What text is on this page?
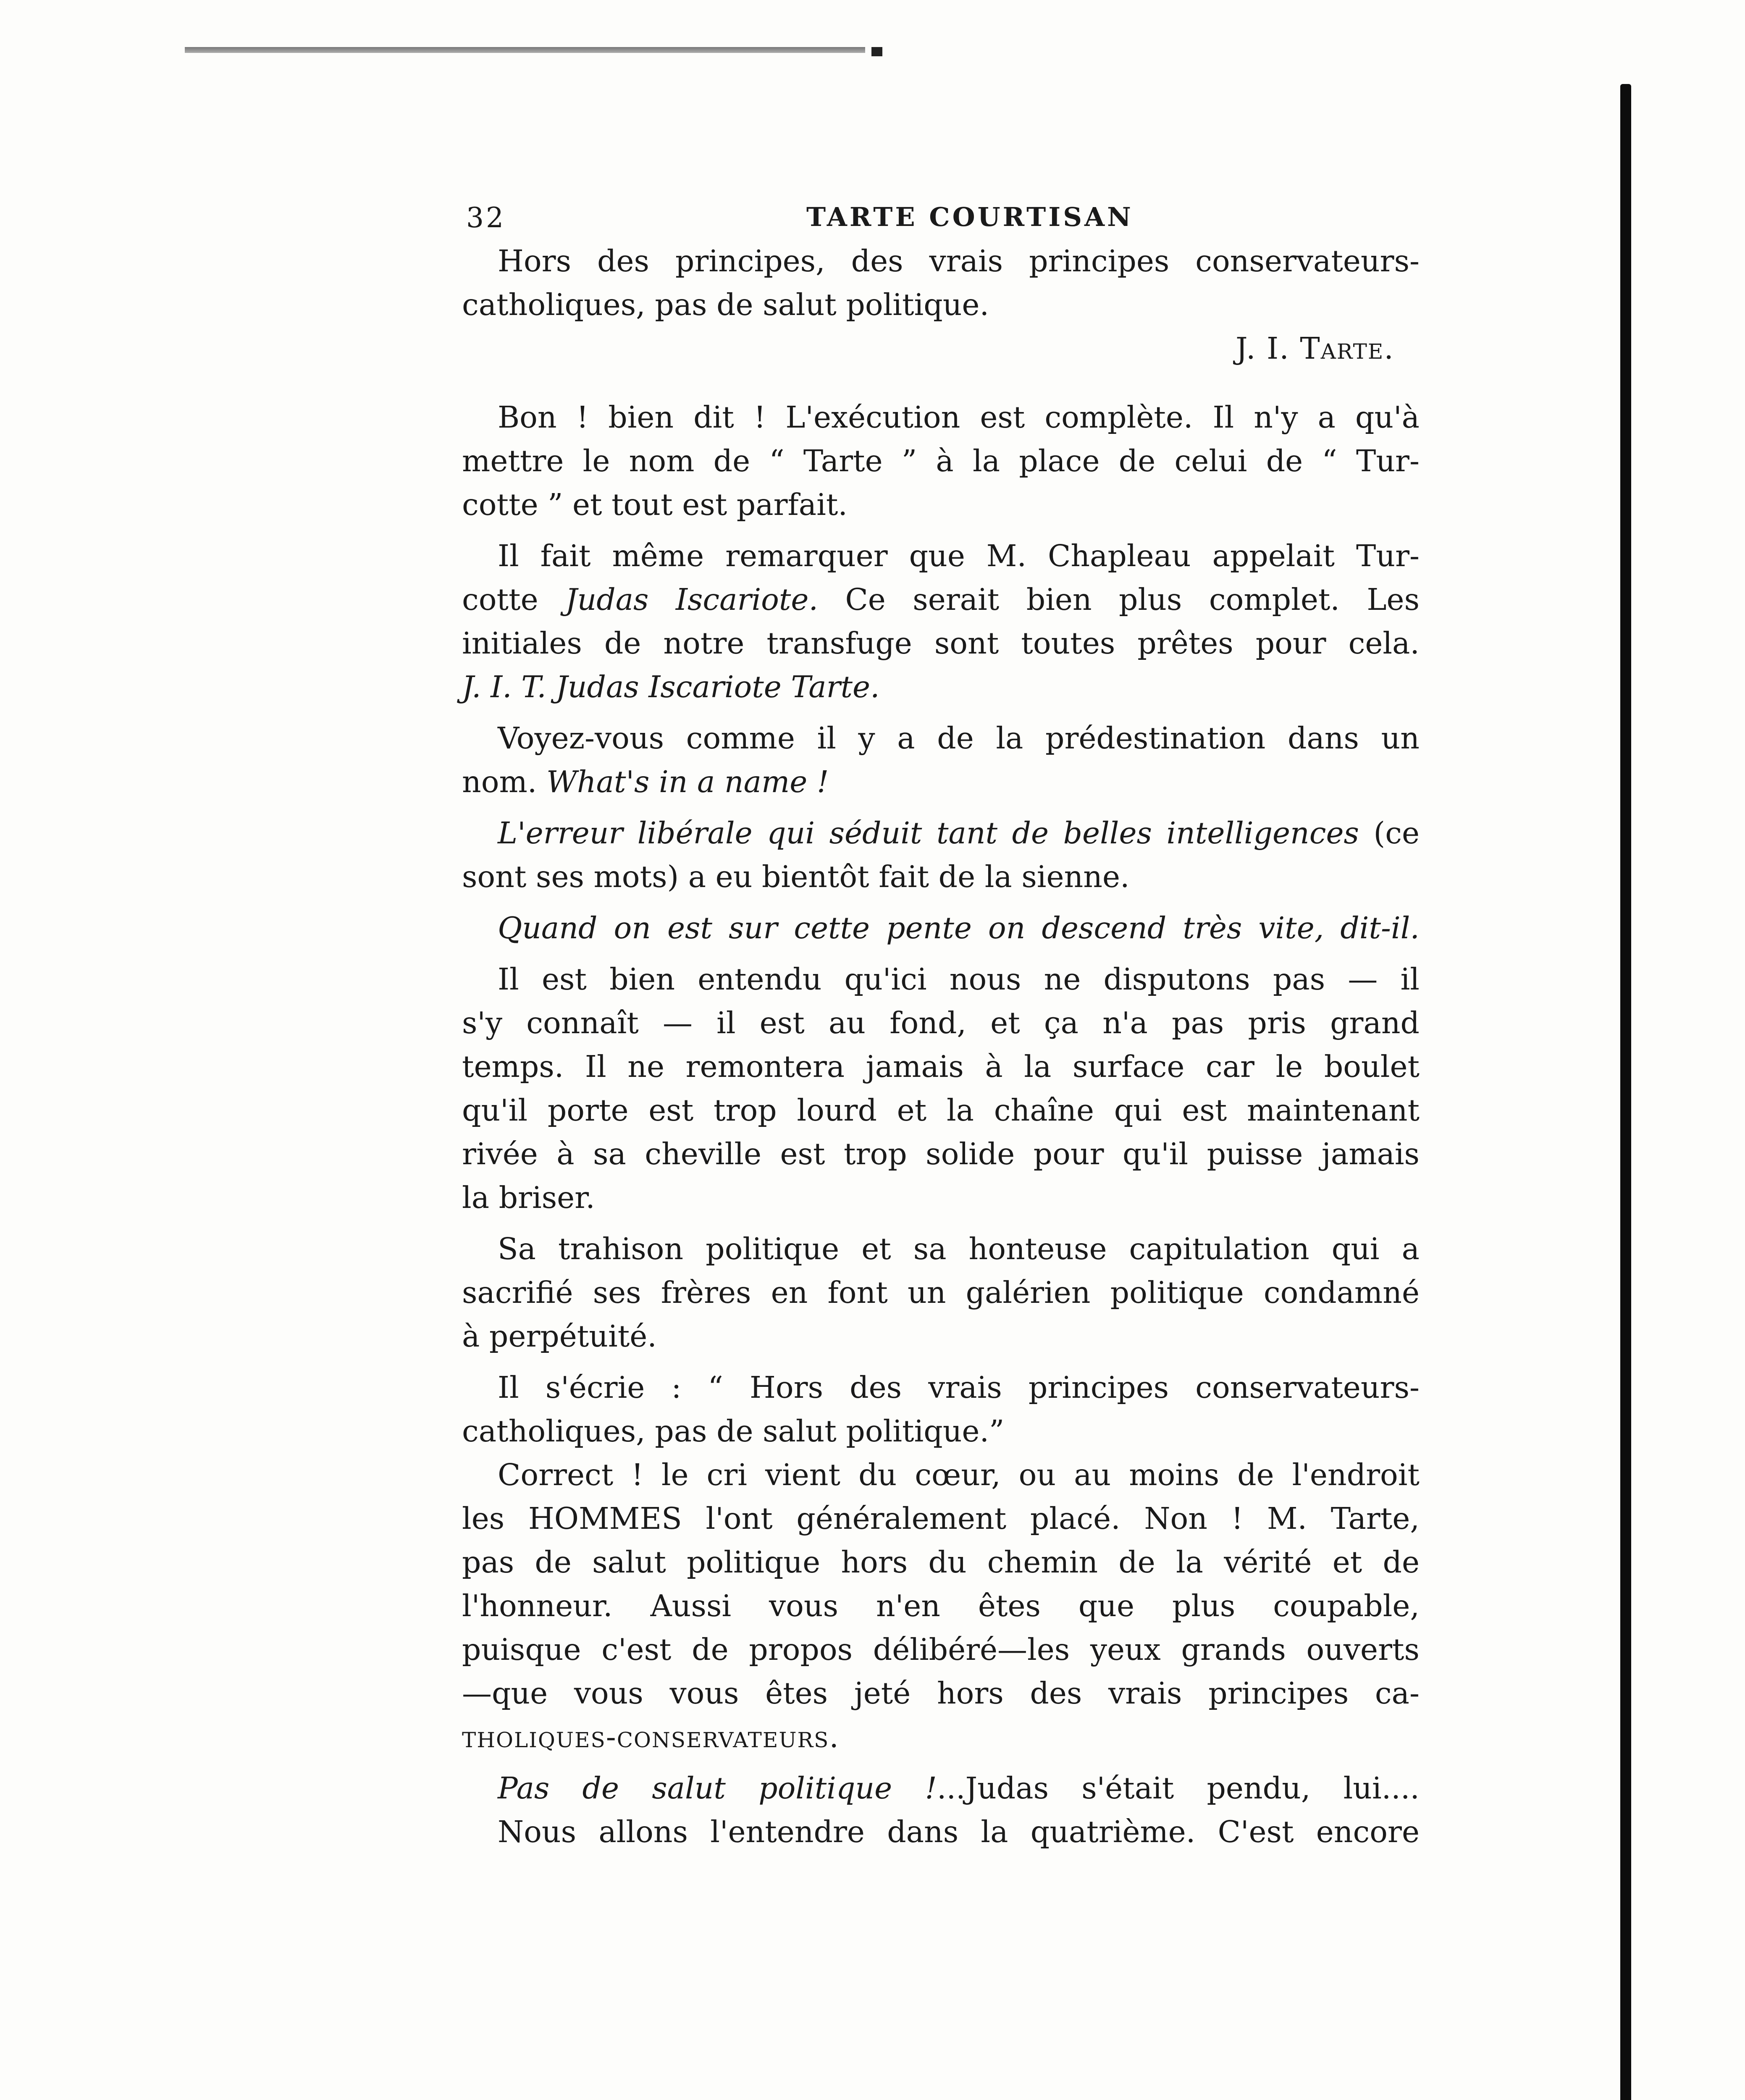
32	TARTE COURTISAN
Hors des principes, des vrais principes conservateurs-
catholiques, pas de salut politique.
J. I. Tarte.
Bon ! bien dit ! L'exécution est complète. Il n'y a qu'à
mettre le nom de “ Tarte ” à la place de celui de “ Tur-
cotte ” et tout est parfait.
Il fait même remarquer que M. Chapleau appelait Tur-
cotte Judas Iscariote. Ce serait bien plus complet. Les
initiales de notre transfuge sont toutes prêtes pour cela.
J. I. T. Judas Iscariote Tarte.
Voyez-vous comme il y a de la prédestination dans un
nom. What's in a name !
L'erreur libérale qui séduit tant de belles intelligences (ce
sont ses mots) a eu bientôt fait de la sienne.
Quand on est sur cette pente on descend très vite, dit-il.
Il est bien entendu qu'ici nous ne disputons pas — il
s'y connaît — il est au fond, et ça n'a pas pris grand
temps. Il ne remontera jamais à la surface car le boulet
qu'il porte est trop lourd et la chaîne qui est maintenant
rivée à sa cheville est trop solide pour qu'il puisse jamais
la briser.
Sa trahison politique et sa honteuse capitulation qui a
sacrifié ses frères en font un galérien politique condamné
à perpétuité.
Il s'écrie : “ Hors des vrais principes conservateurs-
catholiques, pas de salut politique.”
Correct ! le cri vient du cœur, ou au moins de l'endroit
les HOMMES l'ont généralement placé. Non ! M. Tarte,
pas de salut politique hors du chemin de la vérité et de
l'honneur. Aussi vous n'en êtes que plus coupable,
puisque c'est de propos délibéré—les yeux grands ouverts
—que vous vous êtes jeté hors des vrais principes ca-
tholiques-conservateurs.
Pas de salut politique !...Judas s'était pendu, lui....
Nous allons l'entendre dans la quatrième. C'est encore
